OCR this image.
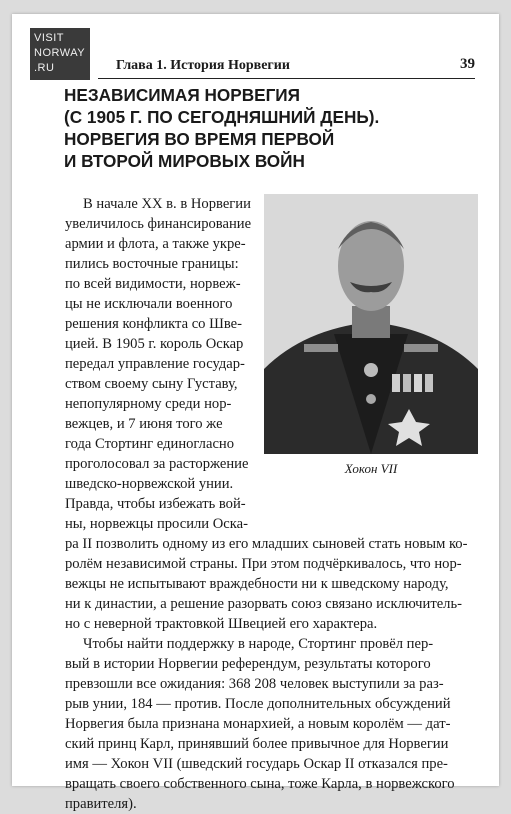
VISIT
NORWAY
.RU	Глава 1. История Норвегии	39
НЕЗАВИСИМАЯ НОРВЕГИЯ
(С 1905 Г. ПО СЕГОДНЯШНИЙ ДЕНЬ).
НОРВЕГИЯ ВО ВРЕМЯ ПЕРВОЙ
И ВТОРОЙ МИРОВЫХ ВОЙН
Хокон VII
В начале XX в. в Норвегии
увеличилось финансирование
армии и флота, а также укре-
пились восточные границы:
по всей видимости, норвеж-
цы не исключали военного
решения конфликта со Шве-
цией. В 1905 г. король Оскар
передал управление государ-
ством своему сыну Густаву,
непопулярному среди нор-
вежцев, и 7 июня того же
года Стортинг единогласно
проголосовал за расторжение
шведско-норвежской унии.
Правда, чтобы избежать вой-
ны, норвежцы просили Оска-
ра II позволить одному из его младших сыновей стать новым ко-
ролём независимой страны. При этом подчёркивалось, что нор-
вежцы не испытывают враждебности ни к шведскому народу,
ни к династии, а решение разорвать союз связано исключитель-
но с неверной трактовкой Швецией его характера.
Чтобы найти поддержку в народе, Стортинг провёл пер-
вый в истории Норвегии референдум, результаты которого
превзошли все ожидания: 368 208 человек выступили за раз-
рыв унии, 184 — против. После дополнительных обсуждений
Норвегия была признана монархией, а новым королём — дат-
ский принц Карл, принявший более привычное для Норвегии
имя — Хокон VII (шведский государь Оскар II отказался пре-
вращать своего собственного сына, тоже Карла, в норвежского
правителя).
